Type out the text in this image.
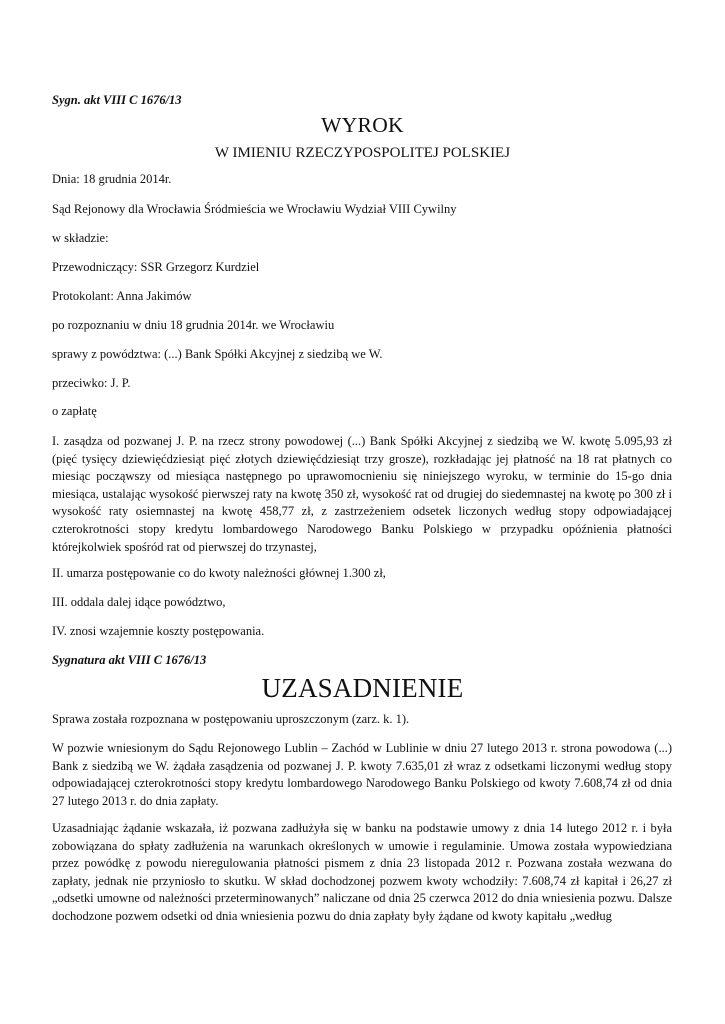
Sygn. akt VIII C 1676/13
WYROK
W IMIENIU RZECZYPOSPOLITEJ POLSKIEJ
Dnia: 18 grudnia 2014r.
Sąd Rejonowy dla Wrocławia Śródmieścia we Wrocławiu Wydział VIII Cywilny
w składzie:
Przewodniczący: SSR Grzegorz Kurdziel
Protokolant: Anna Jakimów
po rozpoznaniu w dniu 18 grudnia 2014r. we Wrocławiu
sprawy z powództwa: (...) Bank Spółki Akcyjnej z siedzibą we W.
przeciwko: J. P.
o zapłatę
I. zasądza od pozwanej J. P. na rzecz strony powodowej (...) Bank Spółki Akcyjnej z siedzibą we W. kwotę 5.095,93 zł (pięć tysięcy dziewięćdziesiąt pięć złotych dziewięćdziesiąt trzy grosze), rozkładając jej płatność na 18 rat płatnych co miesiąc począwszy od miesiąca następnego po uprawomocnieniu się niniejszego wyroku, w terminie do 15-go dnia miesiąca, ustalając wysokość pierwszej raty na kwotę 350 zł, wysokość rat od drugiej do siedemnastej na kwotę po 300 zł i wysokość raty osiemnastej na kwotę 458,77 zł, z zastrzeżeniem odsetek liczonych według stopy odpowiadającej czterokrotności stopy kredytu lombardowego Narodowego Banku Polskiego w przypadku opóźnienia płatności którejkolwiek spośród rat od pierwszej do trzynastej,
II. umarza postępowanie co do kwoty należności głównej 1.300 zł,
III. oddala dalej idące powództwo,
IV. znosi wzajemnie koszty postępowania.
Sygnatura akt VIII C 1676/13
UZASADNIENIE
Sprawa została rozpoznana w postępowaniu uproszczonym (zarz. k. 1).
W pozwie wniesionym do Sądu Rejonowego Lublin – Zachód w Lublinie w dniu 27 lutego 2013 r. strona powodowa (...) Bank z siedzibą we W. żądała zasądzenia od pozwanej J. P. kwoty 7.635,01 zł wraz z odsetkami liczonymi według stopy odpowiadającej czterokrotności stopy kredytu lombardowego Narodowego Banku Polskiego od kwoty 7.608,74 zł od dnia 27 lutego 2013 r. do dnia zapłaty.
Uzasadniając żądanie wskazała, iż pozwana zadłużyła się w banku na podstawie umowy z dnia 14 lutego 2012 r. i była zobowiązana do spłaty zadłużenia na warunkach określonych w umowie i regulaminie. Umowa została wypowiedziana przez powódkę z powodu nieregulowania płatności pismem z dnia 23 listopada 2012 r. Pozwana została wezwana do zapłaty, jednak nie przyniosło to skutku. W skład dochodzonej pozwem kwoty wchodziły: 7.608,74 zł kapitał i 26,27 zł „odsetki umowne od należności przeterminowanych” naliczane od dnia 25 czerwca 2012 do dnia wniesienia pozwu. Dalsze dochodzone pozwem odsetki od dnia wniesienia pozwu do dnia zapłaty były żądane od kwoty kapitału „według
